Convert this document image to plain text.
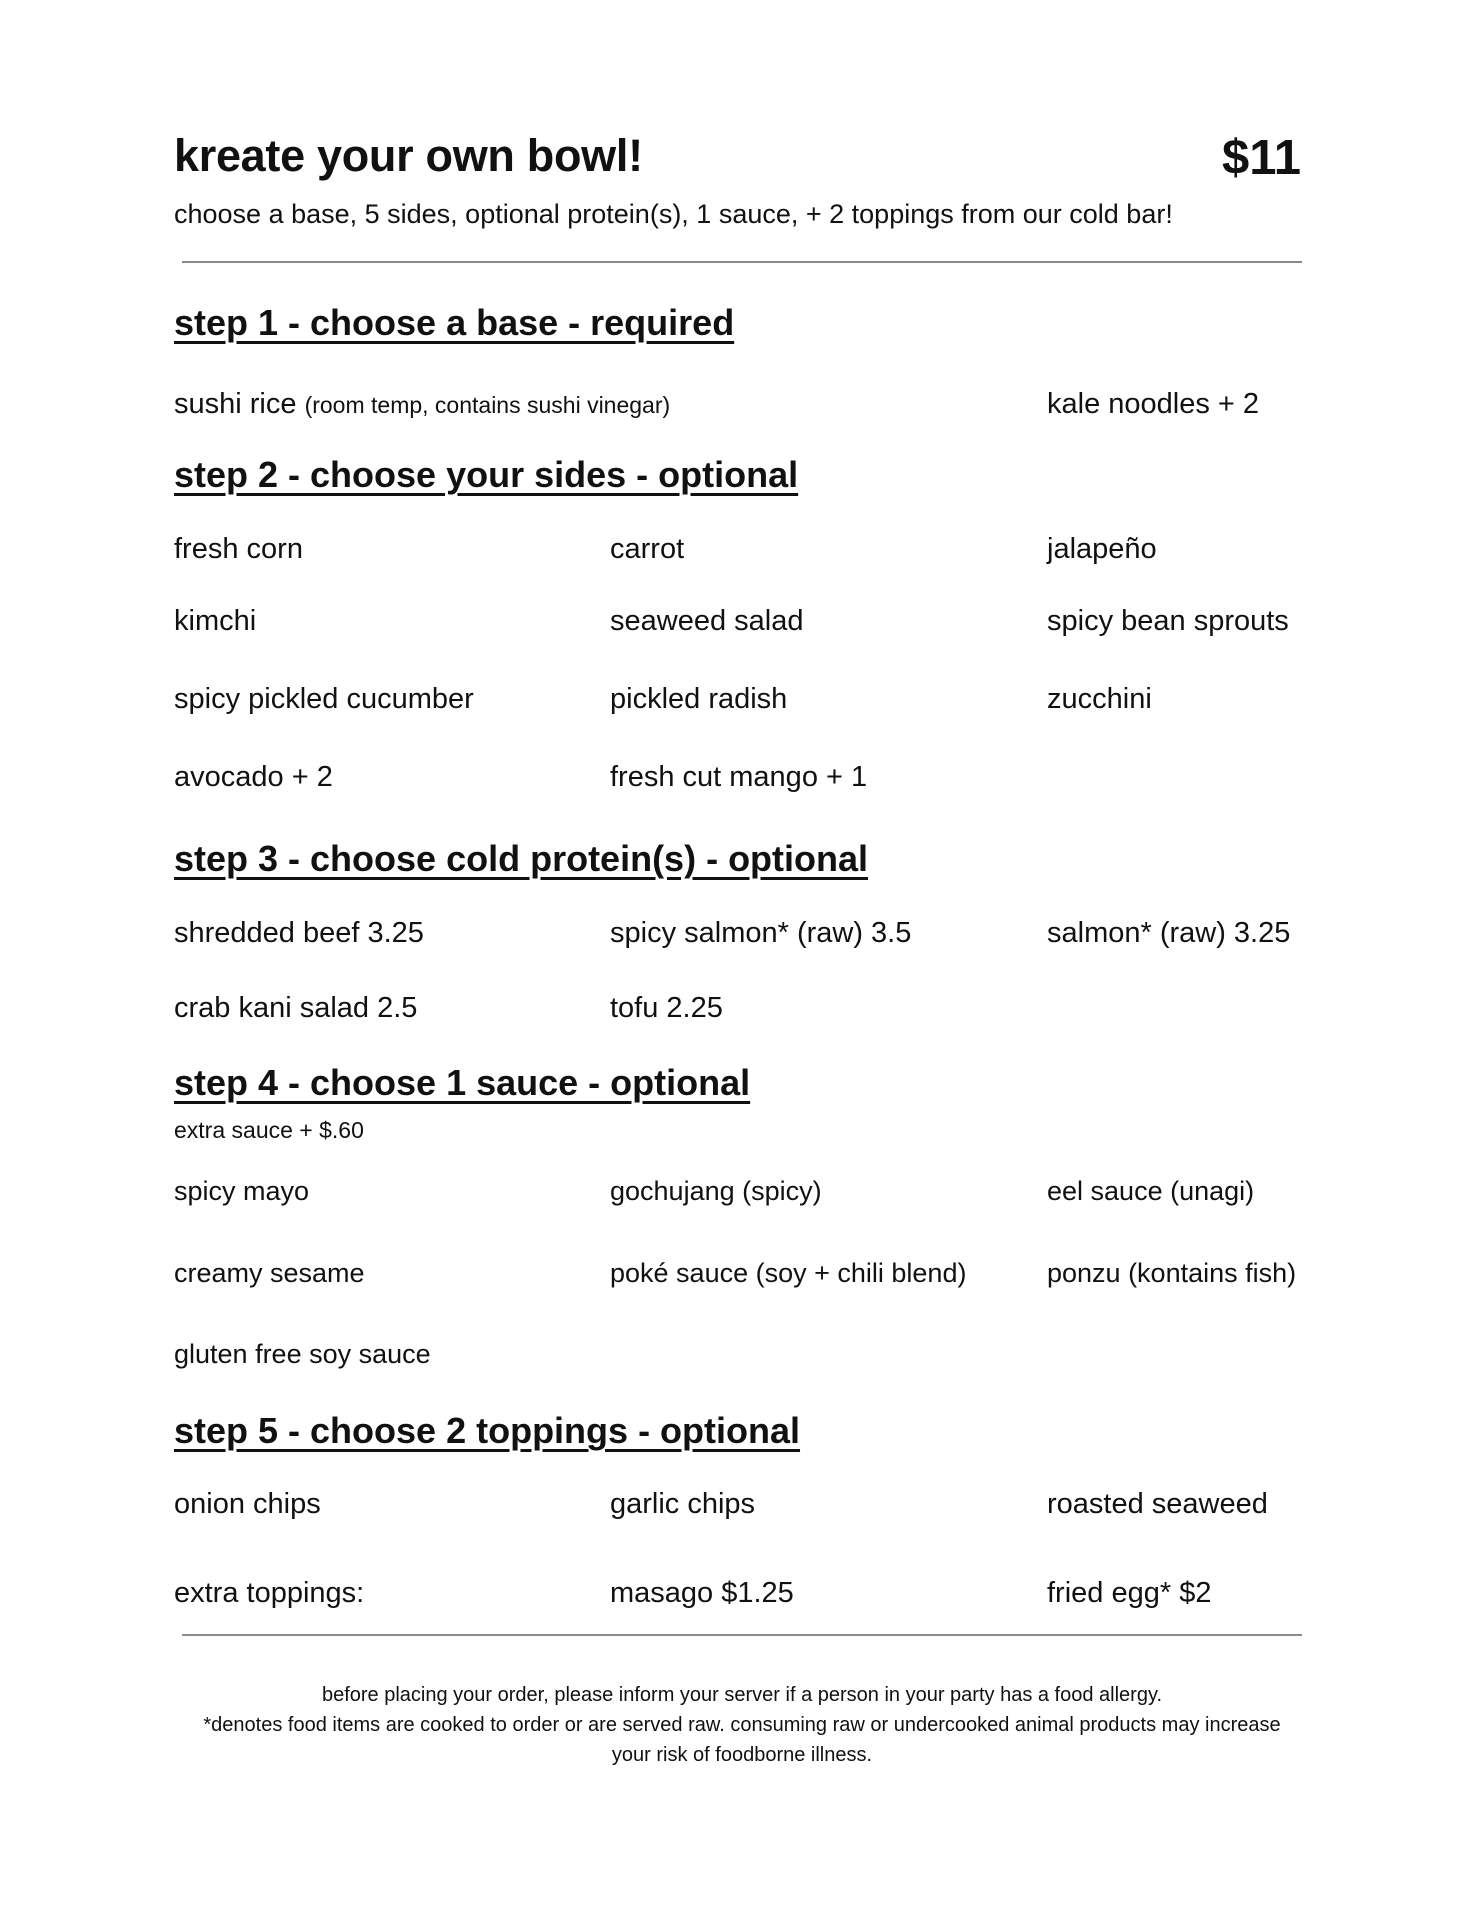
kreate your own bowl!	$11
choose a base, 5 sides, optional protein(s), 1 sauce, + 2 toppings from our cold bar!
step 1 - choose a base - required
sushi rice (room temp, contains sushi vinegar)	kale noodles + 2
step 2 - choose your sides - optional
fresh corn	carrot	jalapeño
kimchi	seaweed salad	spicy bean sprouts
spicy pickled cucumber	pickled radish	zucchini
avocado + 2	fresh cut mango + 1
step 3 - choose cold protein(s) - optional
shredded beef 3.25	spicy salmon* (raw) 3.5	salmon* (raw) 3.25
crab kani salad 2.5	tofu 2.25
step 4 - choose 1 sauce - optional
extra sauce + $.60
spicy mayo	gochujang (spicy)	eel sauce (unagi)
creamy sesame	poké sauce (soy + chili blend)	ponzu (kontains fish)
gluten free soy sauce
step 5 - choose 2 toppings - optional
onion chips	garlic chips	roasted seaweed
extra toppings:	masago $1.25	fried egg* $2
before placing your order, please inform your server if a person in your party has a food allergy.
*denotes food items are cooked to order or are served raw. consuming raw or undercooked animal products may increase your risk of foodborne illness.
